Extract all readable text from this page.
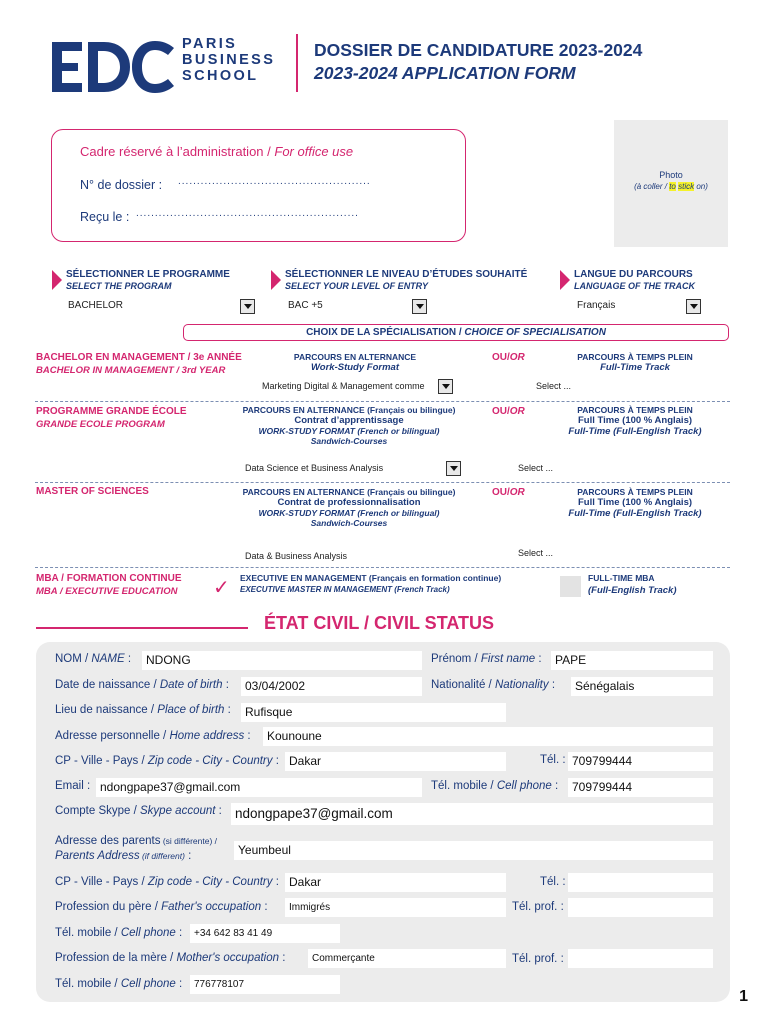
PARIS
BUSINESS
SCHOOL
DOSSIER DE CANDIDATURE 2023-2024
2023-2024 APPLICATION FORM
Cadre réservé à l’administration / For office use
N° de dossier : ...................................................
Reçu le : ...........................................................
Photo
(à coller / to stick on)
SÉLECTIONNER LE PROGRAMME
SELECT THE PROGRAM
BACHELOR
SÉLECTIONNER LE NIVEAU D’ÉTUDES SOUHAITÉ
SELECT YOUR LEVEL OF ENTRY
BAC +5
LANGUE DU PARCOURS
LANGUAGE OF THE TRACK
Français
CHOIX DE LA SPÉCIALISATION / CHOICE OF SPECIALISATION
BACHELOR EN MANAGEMENT / 3e ANNÉE
BACHELOR IN MANAGEMENT / 3rd YEAR
PARCOURS EN ALTERNANCE
Work-Study Format
OU/OR	PARCOURS À TEMPS PLEIN
Full-Time Track
Marketing Digital & Management comme	Select ...
PROGRAMME GRANDE ÉCOLE
GRANDE ECOLE PROGRAM
PARCOURS EN ALTERNANCE (Français ou bilingue)
Contrat d’apprentissage
WORK-STUDY FORMAT (French or bilingual)
Sandwich-Courses
OU/OR	PARCOURS À TEMPS PLEIN
Full Time (100 % Anglais)
Full-Time (Full-English Track)
Data Science et Business Analysis	Select ...
MASTER OF SCIENCES	PARCOURS EN ALTERNANCE (Français ou bilingue)
Contrat de professionnalisation
WORK-STUDY FORMAT (French or bilingual)
Sandwich-Courses
OU/OR	PARCOURS À TEMPS PLEIN
Full Time (100 % Anglais)
Full-Time (Full-English Track)
Data & Business Analysis	Select ...
MBA / FORMATION CONTINUE
MBA / EXECUTIVE EDUCATION ✓ EXECUTIVE EN MANAGEMENT (Français en formation continue)
EXECUTIVE MASTER IN MANAGEMENT (French Track)
FULL-TIME MBA
(Full-English Track)
ÉTAT CIVIL / CIVIL STATUS
NOM / NAME :	NDONG	Prénom / First name :	PAPE
Date de naissance / Date of birth :	03/04/2002	Nationalité / Nationality :	Sénégalais
Lieu de naissance / Place of birth :	Rufisque
Adresse personnelle / Home address :	Kounoune
CP - Ville - Pays / Zip code - City - Country : Dakar	Tél. : 709799444
Email : ndongpape37@gmail.com	Tél. mobile / Cell phone :	709799444
Compte Skype / Skype account : ndongpape37@gmail.com
Adresse des parents (si différente) /
Parents Address (if different) :	Yeumbeul
CP - Ville - Pays / Zip code - City - Country : Dakar	Tél. :
Profession du père / Father's occupation :	Immigrés	Tél. prof. :
Tél. mobile / Cell phone :	+34 642 83 41 49
Profession de la mère / Mother's occupation :	Commerçante	Tél. prof. :
Tél. mobile / Cell phone :	776778107
1
